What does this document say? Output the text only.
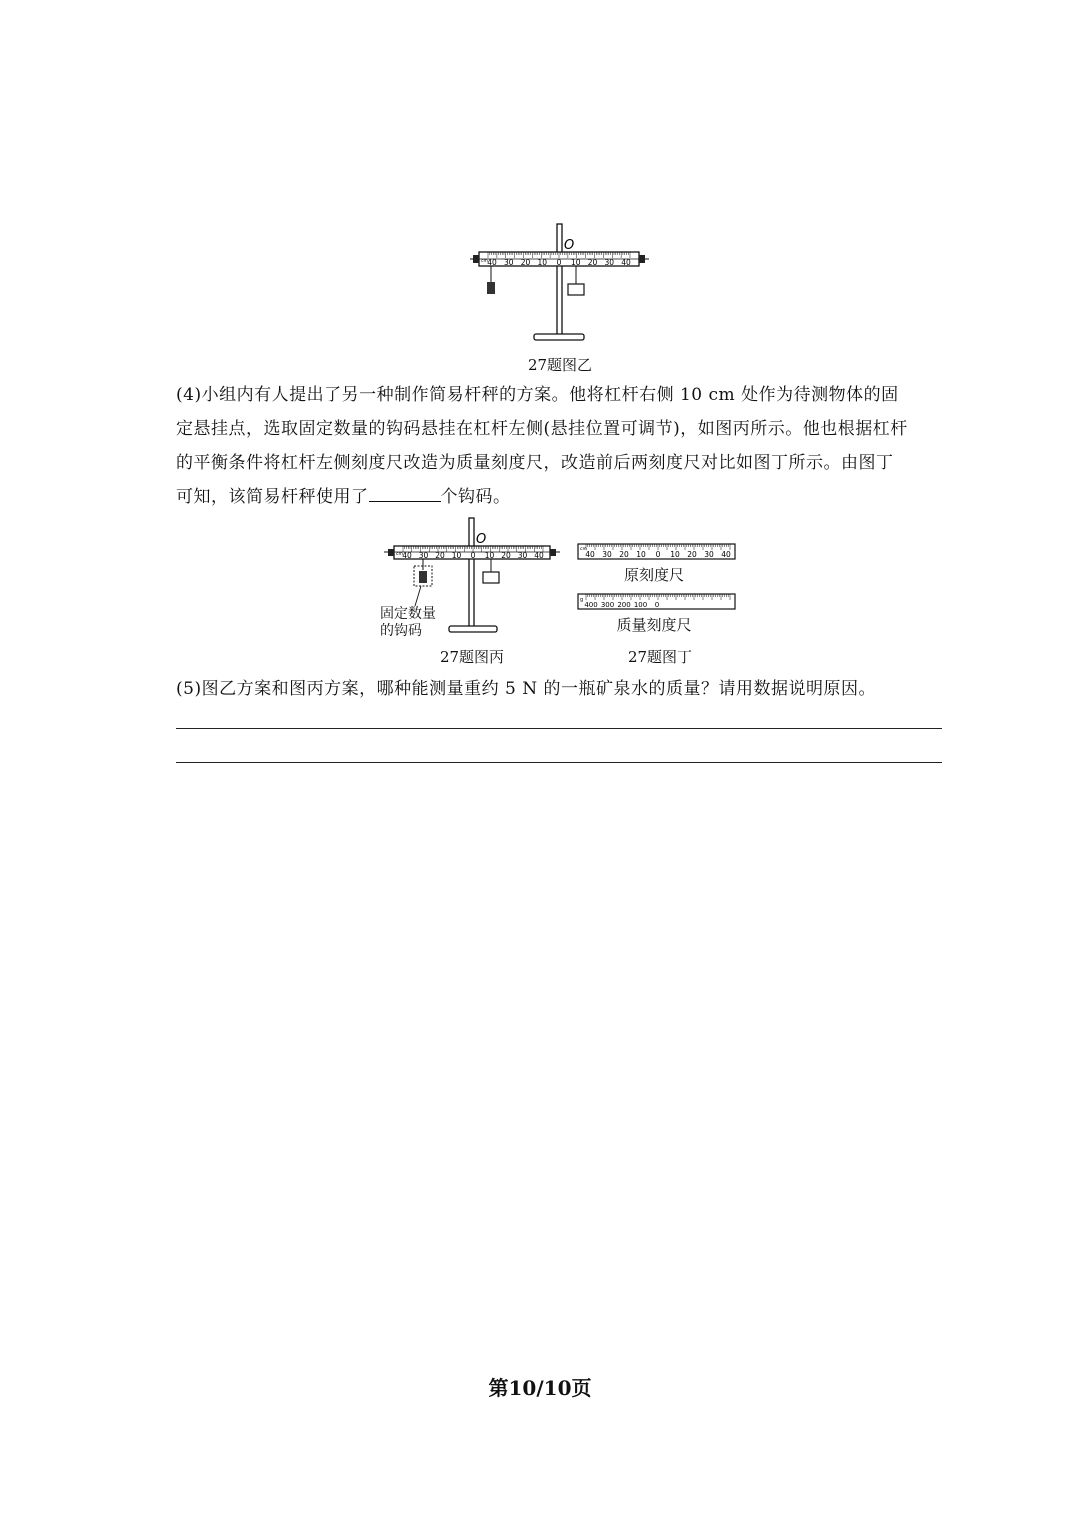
O
cm 40 30 20 10 0 10 20 30 40
27题图乙
(4)小组内有人提出了另一种制作简易杆秤的方案。他将杠杆右侧 10 cm 处作为待测物体的固
定悬挂点，选取固定数量的钩码悬挂在杠杆左侧(悬挂位置可调节)，如图丙所示。他也根据杠杆
的平衡条件将杠杆左侧刻度尺改造为质量刻度尺，改造前后两刻度尺对比如图丁所示。由图丁
可知，该简易杆秤使用了	个钩码。
O
cm 40 30 20 10 0 10 20 30 40
固定数量
的钩码
27题图丙
cm
40 30 20 10 0 10 20 30 40
g
400 300 200 100 0
原刻度尺
质量刻度尺
27题图丁
(5)图乙方案和图丙方案，哪种能测量重约 5 N 的一瓶矿泉水的质量？请用数据说明原因。
第10/10页
